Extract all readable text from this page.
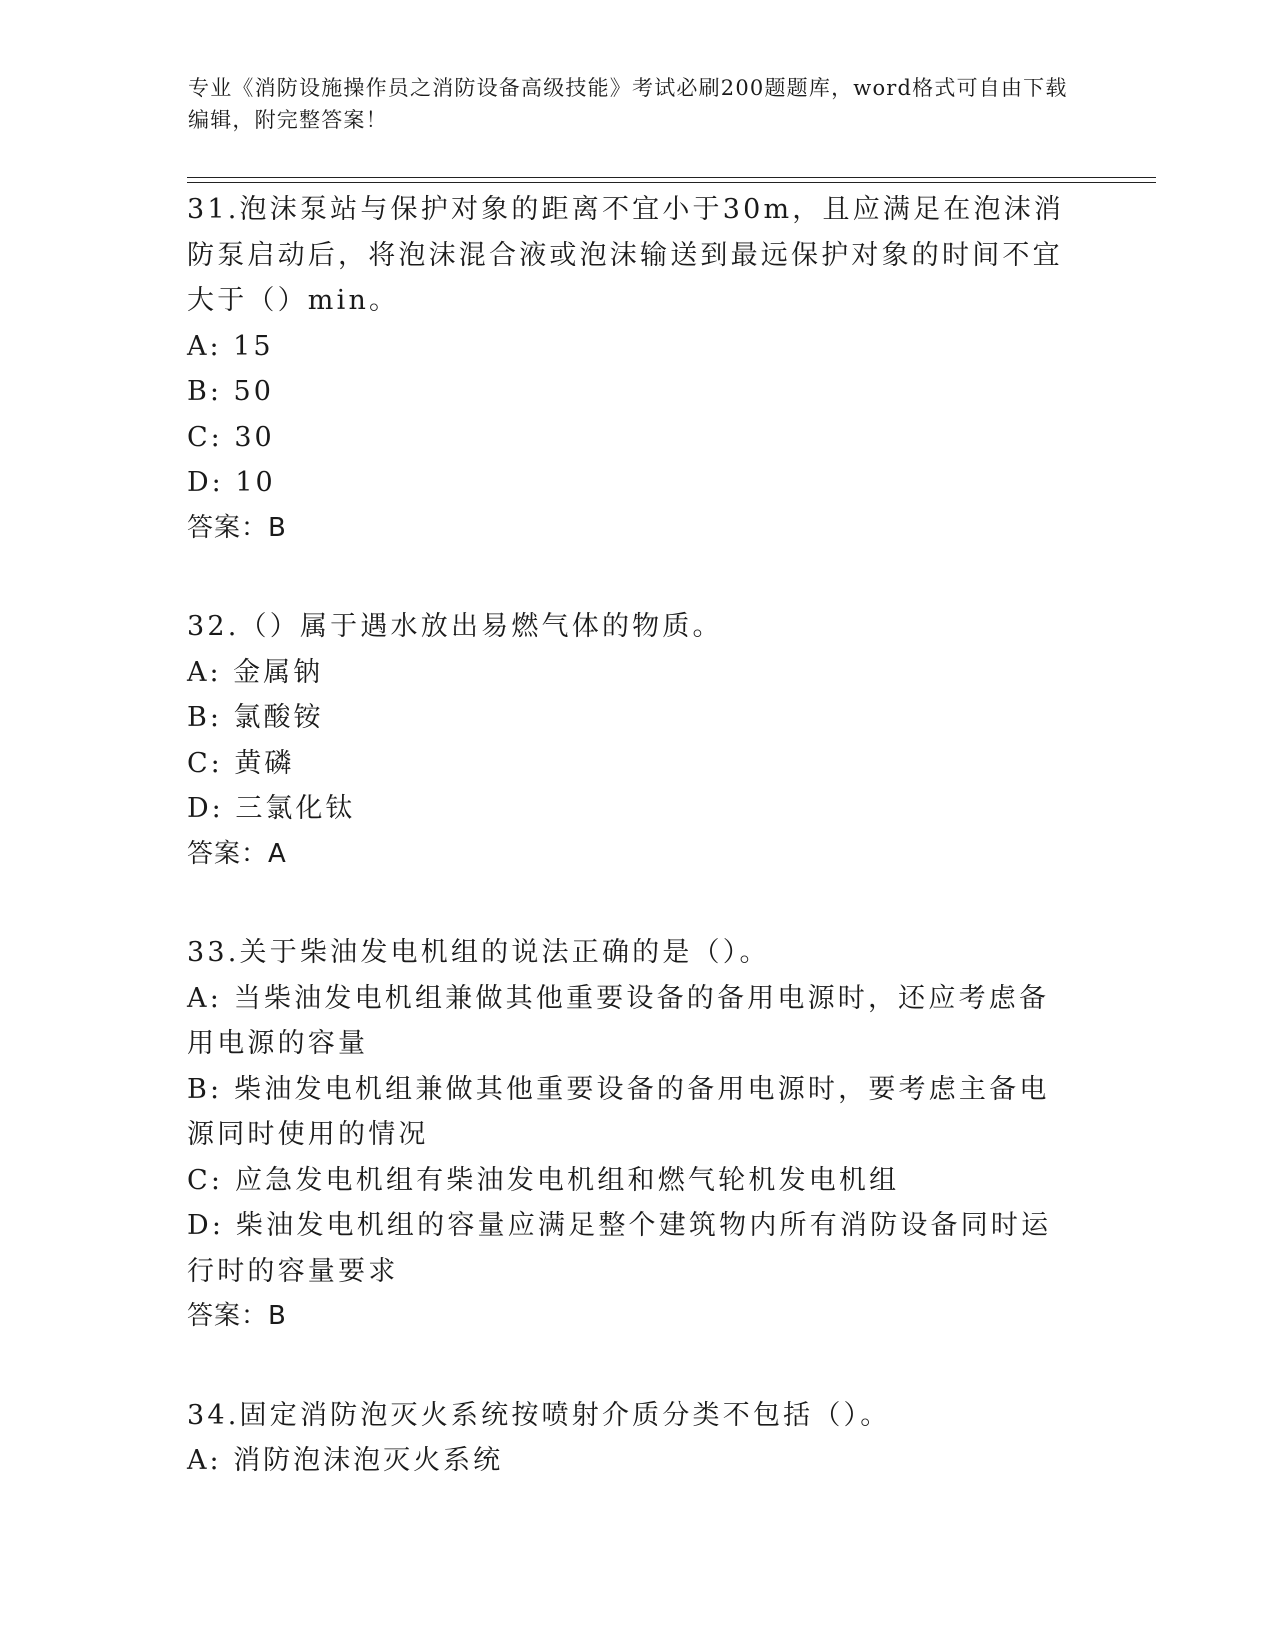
专业《消防设施操作员之消防设备高级技能》考试必刷200题题库，word格式可自由下载编辑，附完整答案！

31.泡沫泵站与保护对象的距离不宜小于30m，且应满足在泡沫消防泵启动后，将泡沫混合液或泡沫输送到最远保护对象的时间不宜大于（）min。

A: 15

B: 50

C: 30

D: 10

答案：B

32.（）属于遇水放出易燃气体的物质。

A: 金属钠

B: 氯酸铵

C: 黄磷

D: 三氯化钛

答案：A

33.关于柴油发电机组的说法正确的是（）。

A: 当柴油发电机组兼做其他重要设备的备用电源时，还应考虑备用电源的容量

B: 柴油发电机组兼做其他重要设备的备用电源时，要考虑主备电源同时使用的情况

C: 应急发电机组有柴油发电机组和燃气轮机发电机组

D: 柴油发电机组的容量应满足整个建筑物内所有消防设备同时运行时的容量要求

答案：B

34.固定消防泡灭火系统按喷射介质分类不包括（）。

A: 消防泡沫泡灭火系统
